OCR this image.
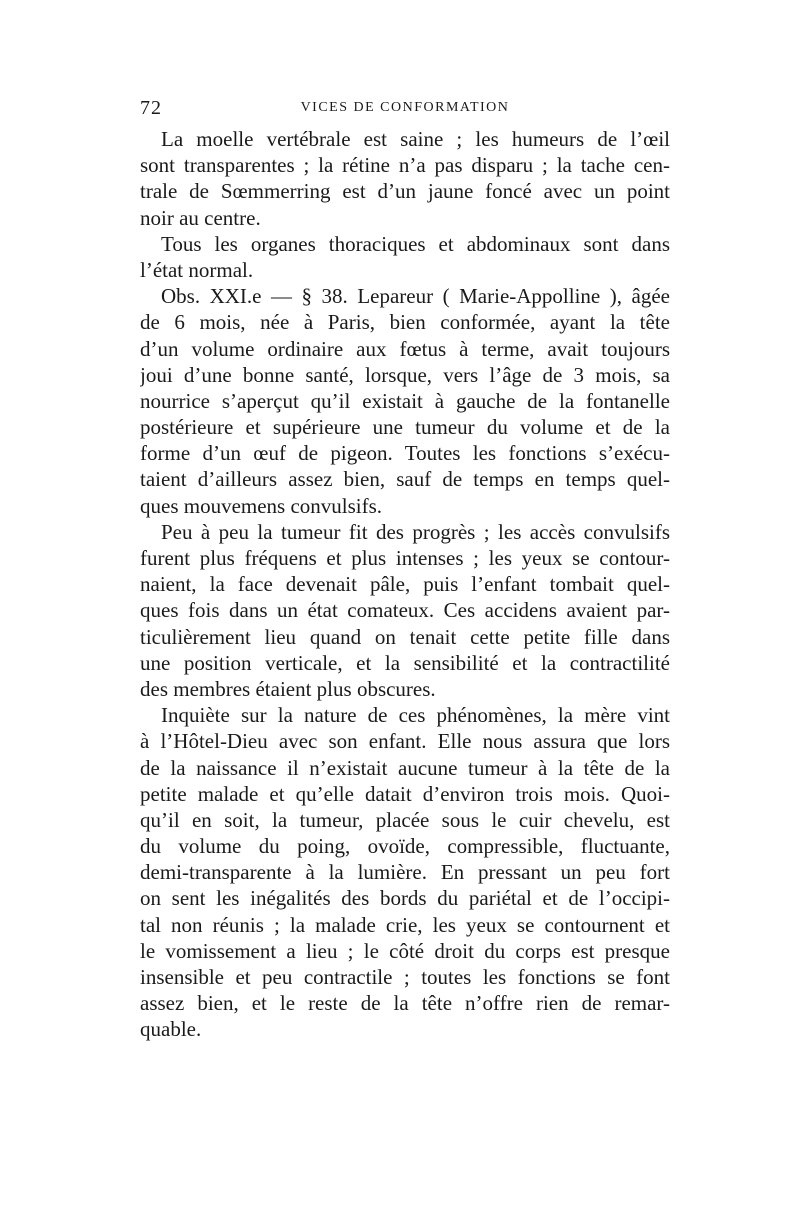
72	VICES DE CONFORMATION
La moelle vertébrale est saine ; les humeurs de l’œil
sont transparentes ; la rétine n’a pas disparu ; la tache cen-
trale de Sœmmerring est d’un jaune foncé avec un point
noir au centre.
Tous les organes thoraciques et abdominaux sont dans
l’état normal.
Obs. XXI.e — § 38. Lepareur ( Marie-Appolline ), âgée
de 6 mois, née à Paris, bien conformée, ayant la tête
d’un volume ordinaire aux fœtus à terme, avait toujours
joui d’une bonne santé, lorsque, vers l’âge de 3 mois, sa
nourrice s’aperçut qu’il existait à gauche de la fontanelle
postérieure et supérieure une tumeur du volume et de la
forme d’un œuf de pigeon. Toutes les fonctions s’exécu-
taient d’ailleurs assez bien, sauf de temps en temps quel-
ques mouvemens convulsifs.
Peu à peu la tumeur fit des progrès ; les accès convulsifs
furent plus fréquens et plus intenses ; les yeux se contour-
naient, la face devenait pâle, puis l’enfant tombait quel-
ques fois dans un état comateux. Ces accidens avaient par-
ticulièrement lieu quand on tenait cette petite fille dans
une position verticale, et la sensibilité et la contractilité
des membres étaient plus obscures.
Inquiète sur la nature de ces phénomènes, la mère vint
à l’Hôtel-Dieu avec son enfant. Elle nous assura que lors
de la naissance il n’existait aucune tumeur à la tête de la
petite malade et qu’elle datait d’environ trois mois. Quoi-
qu’il en soit, la tumeur, placée sous le cuir chevelu, est
du volume du poing, ovoïde, compressible, fluctuante,
demi-transparente à la lumière. En pressant un peu fort
on sent les inégalités des bords du pariétal et de l’occipi-
tal non réunis ; la malade crie, les yeux se contournent et
le vomissement a lieu ; le côté droit du corps est presque
insensible et peu contractile ; toutes les fonctions se font
assez bien, et le reste de la tête n’offre rien de remar-
quable.
